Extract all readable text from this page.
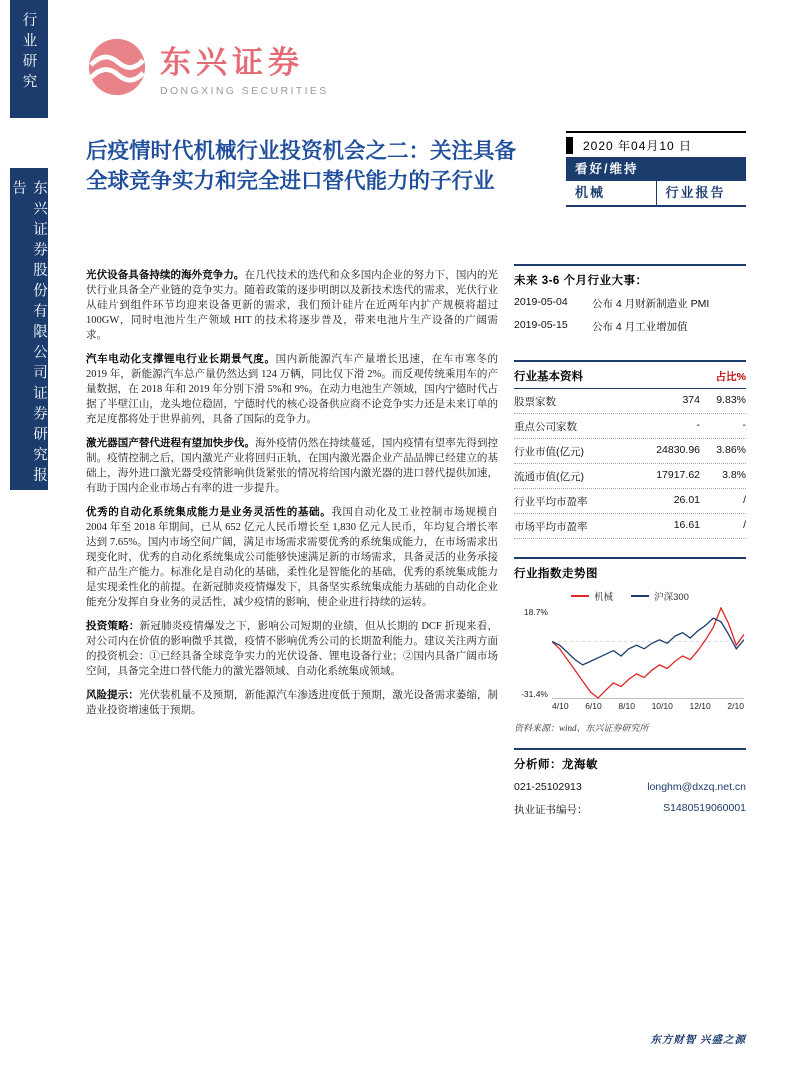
行业研究
东兴证券股份有限公司证券研究报告
东兴证券
DONGXING SECURITIES
后疫情时代机械行业投资机会之二：关注具备全球竞争实力和完全进口替代能力的子行业
2020 年04月10 日
看好/维持
机械	行业报告

光伏设备具备持续的海外竞争力。在几代技术的迭代和众多国内企业的努力下，国内的光伏行业具备全产业链的竞争实力。随着政策的逐步明朗以及新技术迭代的需求，光伏行业从硅片到组件环节均迎来设备更新的需求，我们预计硅片在近两年内扩产规模将超过 100GW，同时电池片生产领域 HIT 的技术将逐步普及，带来电池片生产设备的广阔需求。

汽车电动化支撑锂电行业长期景气度。国内新能源汽车产量增长迅速，在车市寒冬的 2019 年，新能源汽车总产量仍然达到 124 万辆，同比仅下滑 2%。而反观传统乘用车的产量数据，在 2018 年和 2019 年分别下滑 5%和 9%。在动力电池生产领域，国内宁德时代占据了半壁江山，龙头地位稳固，宁德时代的核心设备供应商不论竞争实力还是未来订单的充足度都将处于世界前列，具备了国际的竞争力。

激光器国产替代进程有望加快步伐。海外疫情仍然在持续蔓延，国内疫情有望率先得到控制。疫情控制之后，国内激光产业将回归正轨，在国内激光器企业产品品牌已经建立的基础上，海外进口激光器受疫情影响供货紧张的情况将给国内激光器的进口替代提供加速，有助于国内企业市场占有率的进一步提升。

优秀的自动化系统集成能力是业务灵活性的基础。我国自动化及工业控制市场规模自 2004 年至 2018 年期间，已从 652 亿元人民币增长至 1,830 亿元人民币，年均复合增长率达到 7.65%。国内市场空间广阔，满足市场需求需要优秀的系统集成能力，在市场需求出现变化时，优秀的自动化系统集成公司能够快速满足新的市场需求，具备灵活的业务承接和产品生产能力。标准化是自动化的基础，柔性化是智能化的基础，优秀的系统集成能力是实现柔性化的前提。在新冠肺炎疫情爆发下，具备坚实系统集成能力基础的自动化企业能充分发挥自身业务的灵活性，减少疫情的影响，使企业进行持续的运转。

投资策略：新冠肺炎疫情爆发之下，影响公司短期的业绩，但从长期的 DCF 折现来看，对公司内在价值的影响微乎其微，疫情不影响优秀公司的长期盈利能力。建议关注两方面的投资机会：①已经具备全球竞争实力的光伏设备、锂电设备行业；②国内具备广阔市场空间，具备完全进口替代能力的激光器领域、自动化系统集成领域。

风险提示：光伏装机量不及预期，新能源汽车渗透进度低于预期，激光设备需求萎缩，制造业投资增速低于预期。

未来 3-6 个月行业大事：
2019-05-04	公布 4 月财新制造业 PMI
2019-05-15	公布 4 月工业增加值
行业基本资料	占比%
股票家数	374	9.83%
重点公司家数	-	-
行业市值(亿元)	24830.96	3.86%
流通市值(亿元)	17917.62	3.8%
行业平均市盈率	26.01	/
市场平均市盈率	16.61	/
行业指数走势图
机械	沪深300
18.7%
-31.4%
4/10 6/10 8/10 10/10 12/10 2/10
资料来源：wind、东兴证券研究所
分析师：龙海敏
021-25102913	longhm@dxzq.net.cn
执业证书编号：	S1480519060001
东方财智 兴盛之源
